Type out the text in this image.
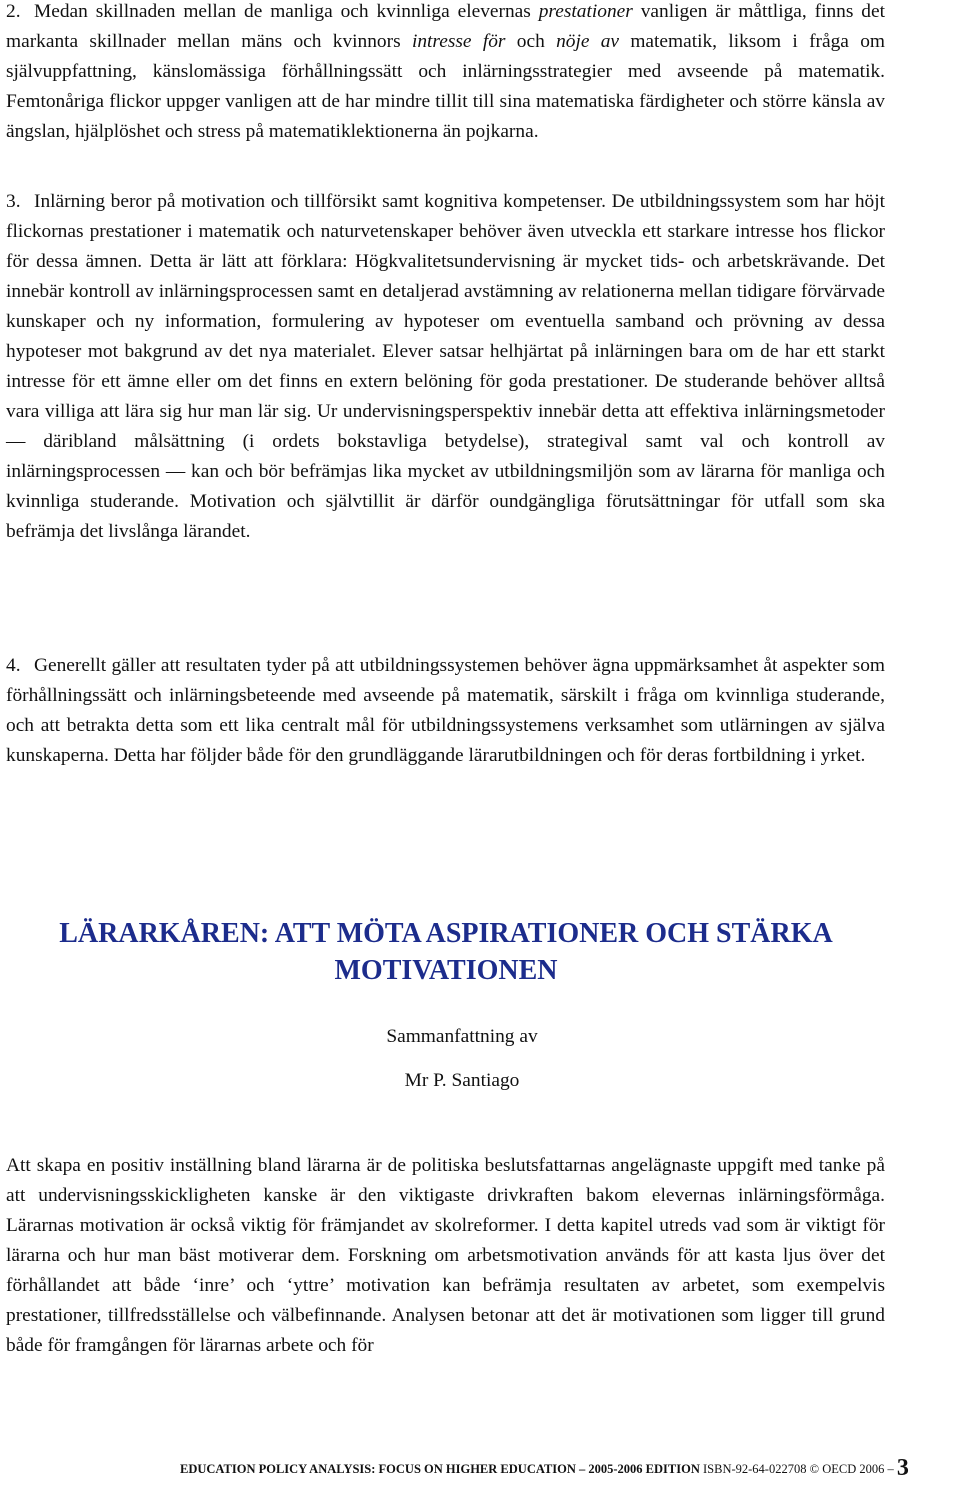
2. Medan skillnaden mellan de manliga och kvinnliga elevernas prestationer vanligen är måttliga, finns det markanta skillnader mellan mäns och kvinnors intresse för och nöje av matematik, liksom i fråga om självuppfattning, känslomässiga förhållningssätt och inlärningsstrategier med avseende på matematik. Femtonåriga flickor uppger vanligen att de har mindre tillit till sina matematiska färdigheter och större känsla av ängslan, hjälplöshet och stress på matematiklektionerna än pojkarna.

3. Inlärning beror på motivation och tillförsikt samt kognitiva kompetenser. De utbildningssystem som har höjt flickornas prestationer i matematik och naturvetenskaper behöver även utveckla ett starkare intresse hos flickor för dessa ämnen. Detta är lätt att förklara: Högkvalitetsundervisning är mycket tids- och arbetskrävande. Det innebär kontroll av inlärningsprocessen samt en detaljerad avstämning av relationerna mellan tidigare förvärvade kunskaper och ny information, formulering av hypoteser om eventuella samband och prövning av dessa hypoteser mot bakgrund av det nya materialet. Elever satsar helhjärtat på inlärningen bara om de har ett starkt intresse för ett ämne eller om det finns en extern belöning för goda prestationer. De studerande behöver alltså vara villiga att lära sig hur man lär sig. Ur undervisningsperspektiv innebär detta att effektiva inlärningsmetoder — däribland målsättning (i ordets bokstavliga betydelse), strategival samt val och kontroll av inlärningsprocessen — kan och bör befrämjas lika mycket av utbildningsmiljön som av lärarna för manliga och kvinnliga studerande. Motivation och självtillit är därför oundgängliga förutsättningar för utfall som ska befrämja det livslånga lärandet.

4. Generellt gäller att resultaten tyder på att utbildningssystemen behöver ägna uppmärksamhet åt aspekter som förhållningssätt och inlärningsbeteende med avseende på matematik, särskilt i fråga om kvinnliga studerande, och att betrakta detta som ett lika centralt mål för utbildningssystemens verksamhet som utlärningen av själva kunskaperna. Detta har följder både för den grundläggande lärarutbildningen och för deras fortbildning i yrket.

LÄRARKÅREN: ATT MÖTA ASPIRATIONER OCH STÄRKA
MOTIVATIONEN
Sammanfattning av
Mr P. Santiago

Att skapa en positiv inställning bland lärarna är de politiska beslutsfattarnas angelägnaste uppgift med tanke på att undervisningsskickligheten kanske är den viktigaste drivkraften bakom elevernas inlärningsförmåga. Lärarnas motivation är också viktig för främjandet av skolreformer. I detta kapitel utreds vad som är viktigt för lärarna och hur man bäst motiverar dem. Forskning om arbetsmotivation används för att kasta ljus över det förhållandet att både ‘inre’ och ‘yttre’ motivation kan befrämja resultaten av arbetet, som exempelvis prestationer, tillfredsställelse och välbefinnande. Analysen betonar att det är motivationen som ligger till grund både för framgången för lärarnas arbete och för

EDUCATION POLICY ANALYSIS: FOCUS ON HIGHER EDUCATION – 2005-2006 EDITION ISBN-92-64-022708 © OECD 2006 – 3
